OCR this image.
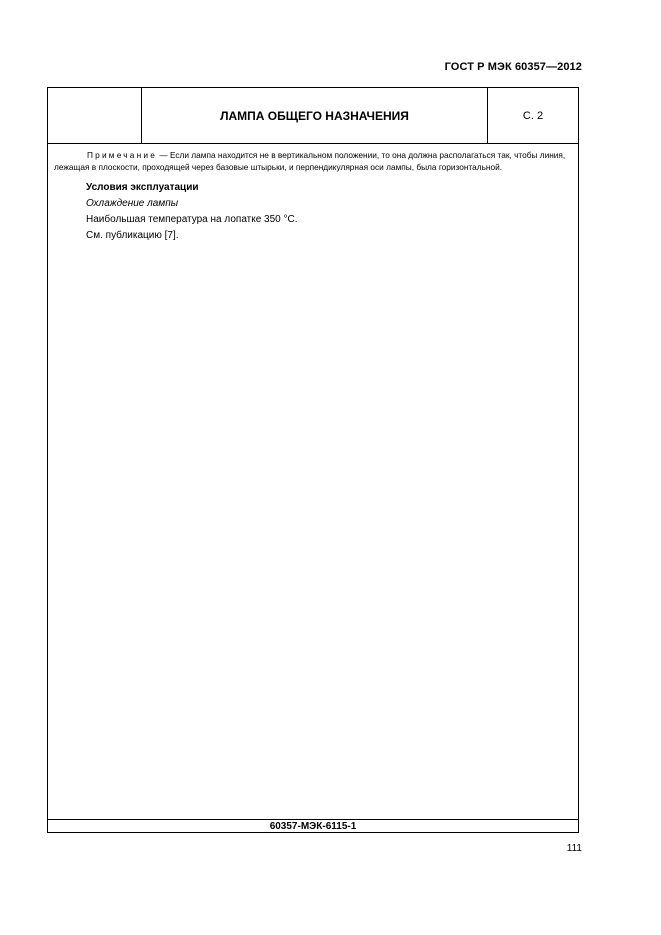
ГОСТ Р МЭК 60357—2012
ЛАМПА ОБЩЕГО НАЗНАЧЕНИЯ	С. 2

Примечание — Если лампа находится не в вертикальном положении, то она должна располагаться так, чтобы линия, лежащая в плоскости, проходящей через базовые штырьки, и перпендикулярная оси лампы, была горизонтальной.

Условия эксплуатации
Охлаждение лампы
Наибольшая температура на лопатке 350 °С.
См. публикацию [7].
60357-МЭК-6115-1
111
